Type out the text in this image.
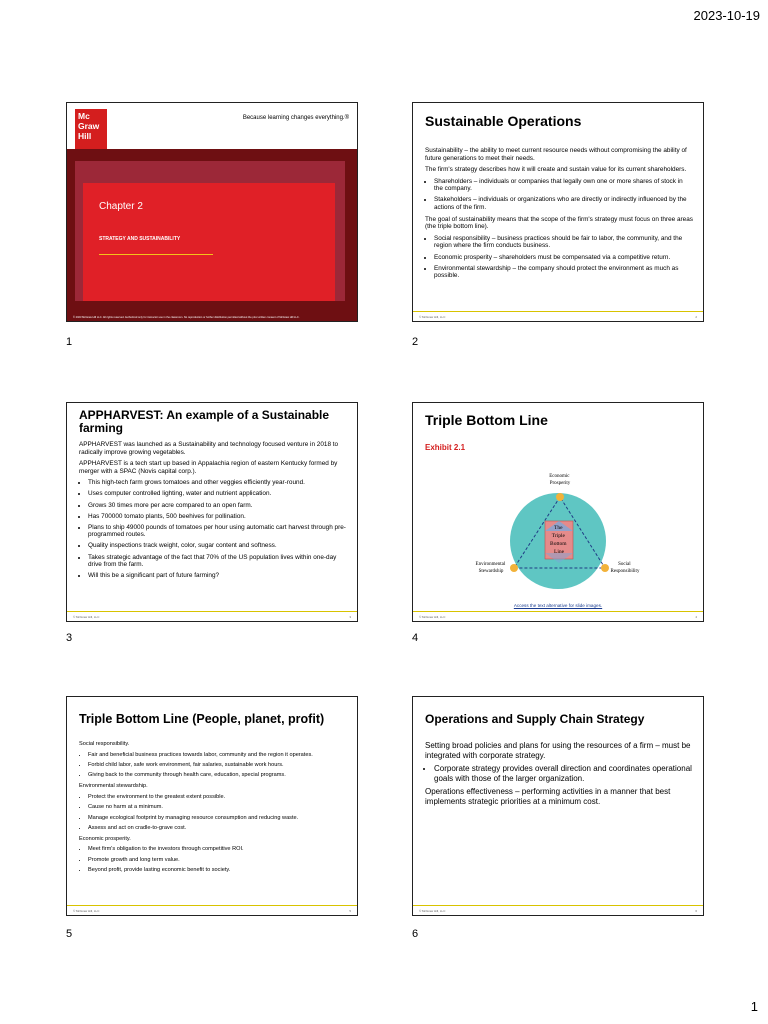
2023-10-19
Mc
Graw
Hill
Because learning changes everything.®
Chapter 2
STRATEGY AND SUSTAINABILITY
© 2023 McGraw Hill LLC. All rights reserved. Authorized only for instructor use in the classroom. No reproduction or further distribution permitted without the prior written consent of McGraw Hill LLC.
1
Sustainable Operations

Sustainability – the ability to meet current resource needs without compromising the ability of future generations to meet their needs.

The firm's strategy describes how it will create and sustain value for its current shareholders.

• Shareholders – individuals or companies that legally own one or more shares of stock in the company.
• Stakeholders – individuals or organizations who are directly or indirectly influenced by the actions of the firm.

The goal of sustainability means that the scope of the firm's strategy must focus on three areas (the triple bottom line).

• Social responsibility – business practices should be fair to labor, the community, and the region where the firm conducts business.
• Economic prosperity – shareholders must be compensated via a competitive return.
• Environmental stewardship – the company should protect the environment as much as possible.
© McGraw Hill, LLC	2
2
APPHARVEST: An example of a Sustainable farming

APPHARVEST was launched as a Sustainability and technology focused venture in 2018 to radically improve growing vegetables.

APPHARVEST is a tech start up based in Appalachia region of eastern Kentucky formed by merger with a SPAC (Novis capital corp.).

• This high-tech farm grows tomatoes and other veggies efficiently year-round.
• Uses computer controlled lighting, water and nutrient application.
• Grows 30 times more per acre compared to an open farm.
• Has 700000 tomato plants, 500 beehives for pollination.
• Plans to ship 49000 pounds of tomatoes per hour using automatic cart harvest through pre-programmed routes.
• Quality inspections track weight, color, sugar content and softness.
• Takes strategic advantage of the fact that 70% of the US population lives within one-day drive from the farm.
• Will this be a significant part of future farming?
© McGraw Hill, LLC	3
3
Triple Bottom Line
Exhibit 2.1
The Triple Bottom Line
Economic Prosperity
Environmental Stewardship
Social Responsibility
Access the text alternative for slide images.
© McGraw Hill, LLC	4
4
Triple Bottom Line (People, planet, profit)

Social responsibility.

• Fair and beneficial business practices towards labor, community and the region it operates.
• Forbid child labor, safe work environment, fair salaries, sustainable work hours.
• Giving back to the community through health care, education, special programs.

Environmental stewardship.

• Protect the environment to the greatest extent possible.
• Cause no harm at a minimum.
• Manage ecological footprint by managing resource consumption and reducing waste.
• Assess and act on cradle-to-grave cost.

Economic prosperity.

• Meet firm's obligation to the investors through competitive ROI.
• Promote growth and long term value.
• Beyond profit, provide lasting economic benefit to society.
© McGraw Hill, LLC	5
5
Operations and Supply Chain Strategy

Setting broad policies and plans for using the resources of a firm – must be integrated with corporate strategy.

• Corporate strategy provides overall direction and coordinates operational goals with those of the larger organization.

Operations effectiveness – performing activities in a manner that best implements strategic priorities at a minimum cost.

© McGraw Hill, LLC	6
6
1
